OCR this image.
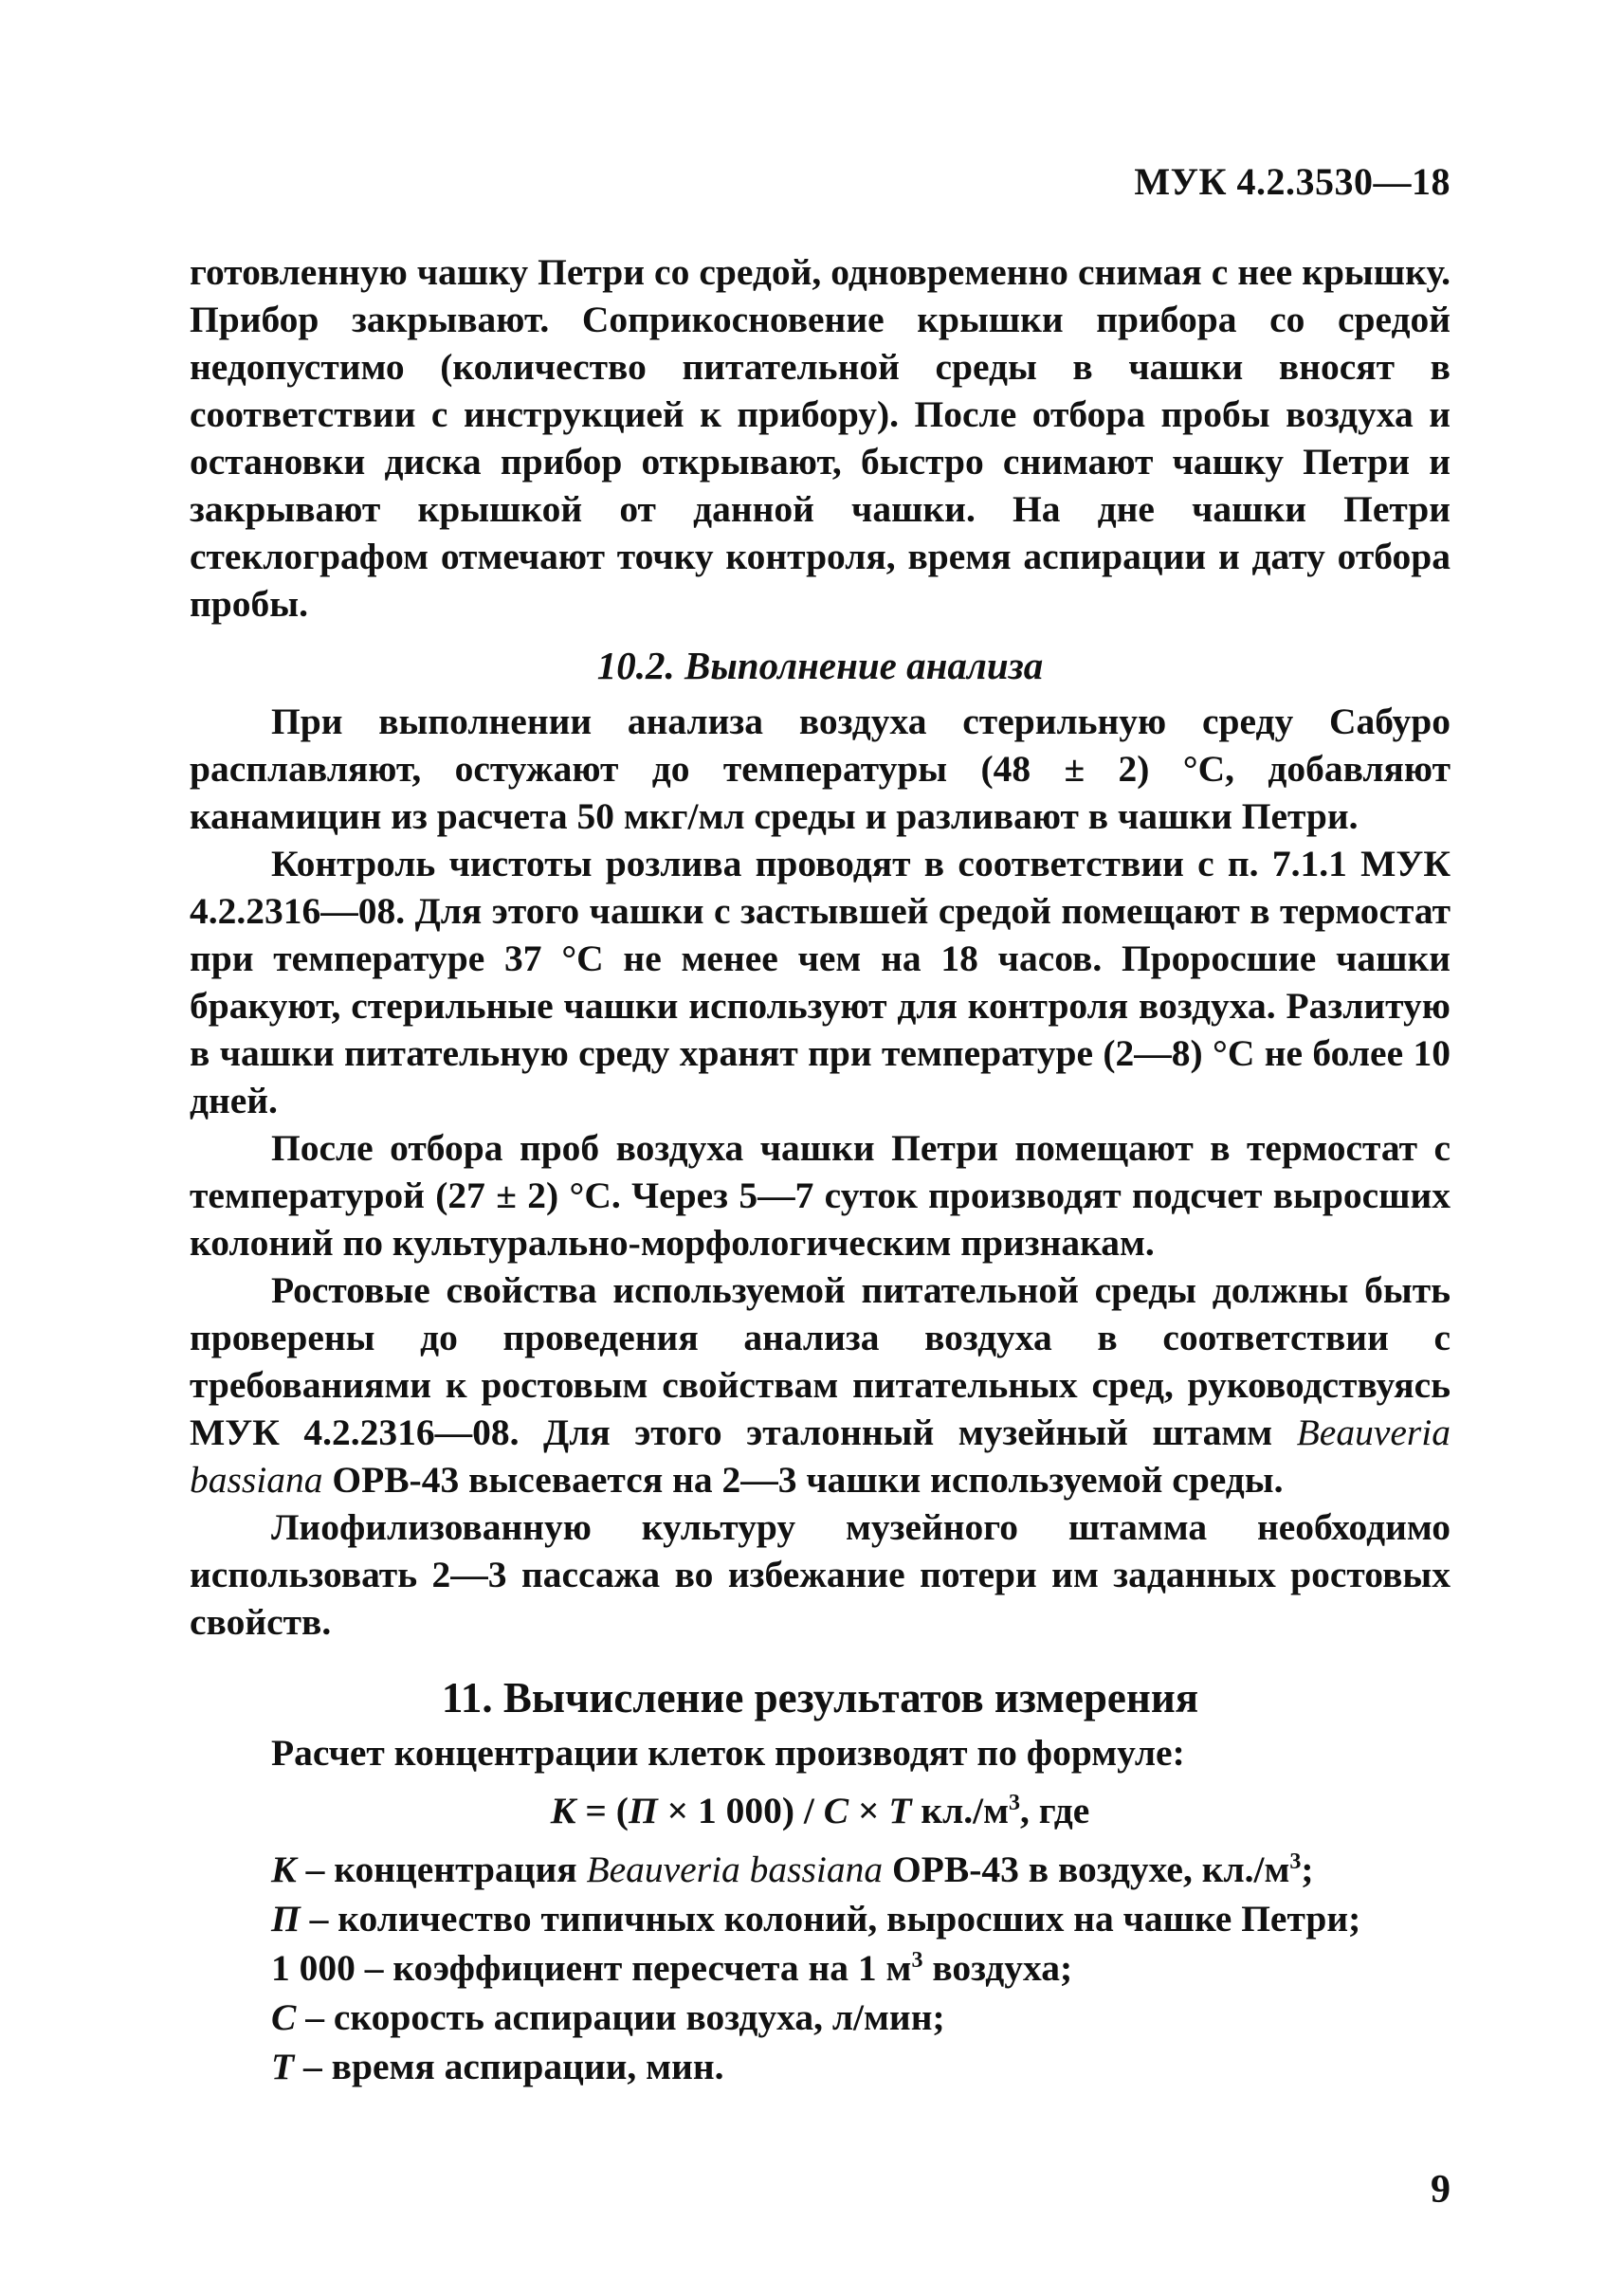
МУК 4.2.3530—18

готовленную чашку Петри со средой, одновременно снимая с нее крышку. Прибор закрывают. Соприкосновение крышки прибора со средой недопустимо (количество питательной среды в чашки вносят в соответствии с инструкцией к прибору). После отбора пробы воздуха и остановки диска прибор открывают, быстро снимают чашку Петри и закрывают крышкой от данной чашки. На дне чашки Петри стеклографом отмечают точку контроля, время аспирации и дату отбора пробы.

10.2. Выполнение анализа

При выполнении анализа воздуха стерильную среду Сабуро расплавляют, остужают до температуры (48 ± 2) °С, добавляют канамицин из расчета 50 мкг/мл среды и разливают в чашки Петри.

Контроль чистоты розлива проводят в соответствии с п. 7.1.1 МУК 4.2.2316—08. Для этого чашки с застывшей средой помещают в термостат при температуре 37 °С не менее чем на 18 часов. Проросшие чашки бракуют, стерильные чашки используют для контроля воздуха. Разлитую в чашки питательную среду хранят при температуре (2—8) °С не более 10 дней.

После отбора проб воздуха чашки Петри помещают в термостат с температурой (27 ± 2) °С. Через 5—7 суток производят подсчет выросших колоний по культурально-морфологическим признакам.

Ростовые свойства используемой питательной среды должны быть проверены до проведения анализа воздуха в соответствии с требованиями к ростовым свойствам питательных сред, руководствуясь МУК 4.2.2316—08. Для этого эталонный музейный штамм Beauveria bassiana ОРВ-43 высевается на 2—3 чашки используемой среды.

Лиофилизованную культуру музейного штамма необходимо использовать 2—3 пассажа во избежание потери им заданных ростовых свойств.

11. Вычисление результатов измерения

Расчет концентрации клеток производят по формуле:

К = (П × 1 000) / С × Т $кл./м^3$, где
К – концентрация Beauveria bassiana ОРВ-43 в воздухе, $кл./м^3$;
П – количество типичных колоний, выросших на чашке Петри;
1 000 – коэффициент пересчета на 1 $м^3$ воздуха;
С – скорость аспирации воздуха, л/мин;
Т – время аспирации, мин.
9
